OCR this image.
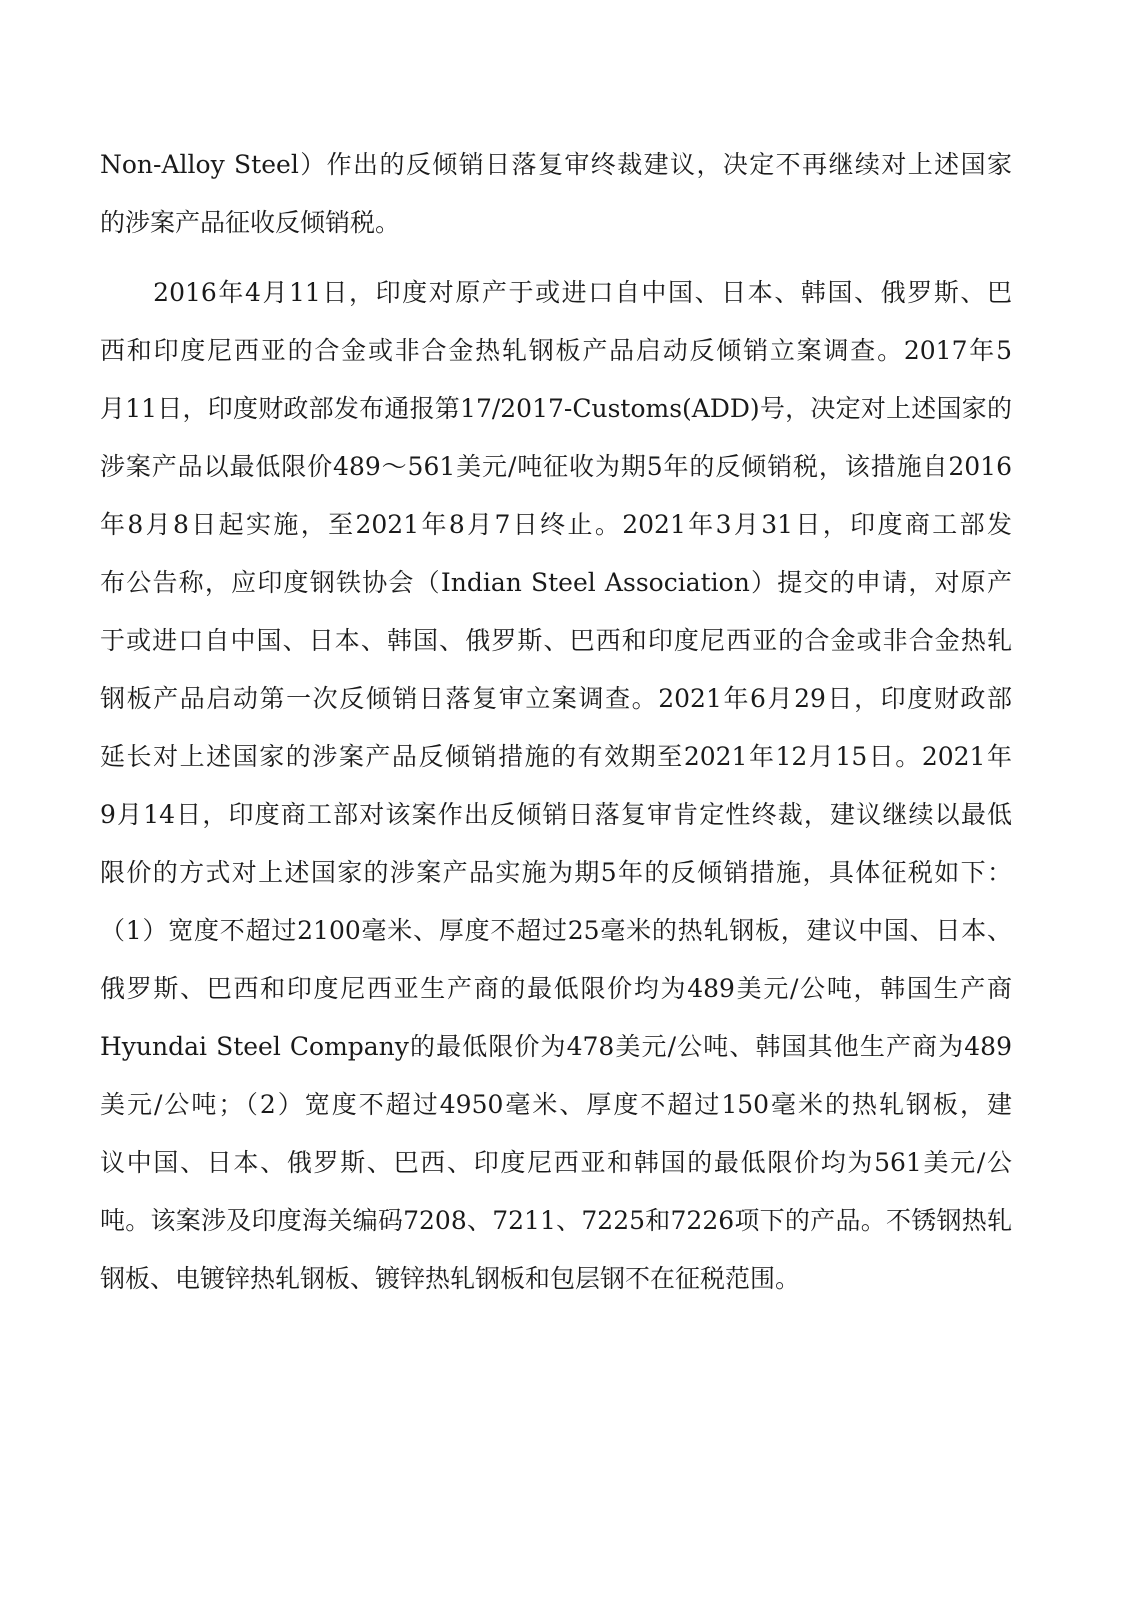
Non-Alloy Steel）作出的反倾销日落复审终裁建议，决定不再继续对上述国家
的涉案产品征收反倾销税。
　　2016年4月11日，印度对原产于或进口自中国、日本、韩国、俄罗斯、巴
西和印度尼西亚的合金或非合金热轧钢板产品启动反倾销立案调查。2017年5
月11日，印度财政部发布通报第17/2017-Customs(ADD)号，决定对上述国家的
涉案产品以最低限价489～561美元/吨征收为期5年的反倾销税，该措施自2016
年8月8日起实施，至2021年8月7日终止。2021年3月31日，印度商工部发
布公告称，应印度钢铁协会（Indian Steel Association）提交的申请，对原产
于或进口自中国、日本、韩国、俄罗斯、巴西和印度尼西亚的合金或非合金热轧
钢板产品启动第一次反倾销日落复审立案调查。2021年6月29日，印度财政部
延长对上述国家的涉案产品反倾销措施的有效期至2021年12月15日。2021年
9月14日，印度商工部对该案作出反倾销日落复审肯定性终裁，建议继续以最低
限价的方式对上述国家的涉案产品实施为期5年的反倾销措施，具体征税如下：
（1）宽度不超过2100毫米、厚度不超过25毫米的热轧钢板，建议中国、日本、
俄罗斯、巴西和印度尼西亚生产商的最低限价均为489美元/公吨，韩国生产商
Hyundai Steel Company的最低限价为478美元/公吨、韩国其他生产商为489
美元/公吨；（2）宽度不超过4950毫米、厚度不超过150毫米的热轧钢板，建
议中国、日本、俄罗斯、巴西、印度尼西亚和韩国的最低限价均为561美元/公
吨。该案涉及印度海关编码7208、7211、7225和7226项下的产品。不锈钢热轧
钢板、电镀锌热轧钢板、镀锌热轧钢板和包层钢不在征税范围。
